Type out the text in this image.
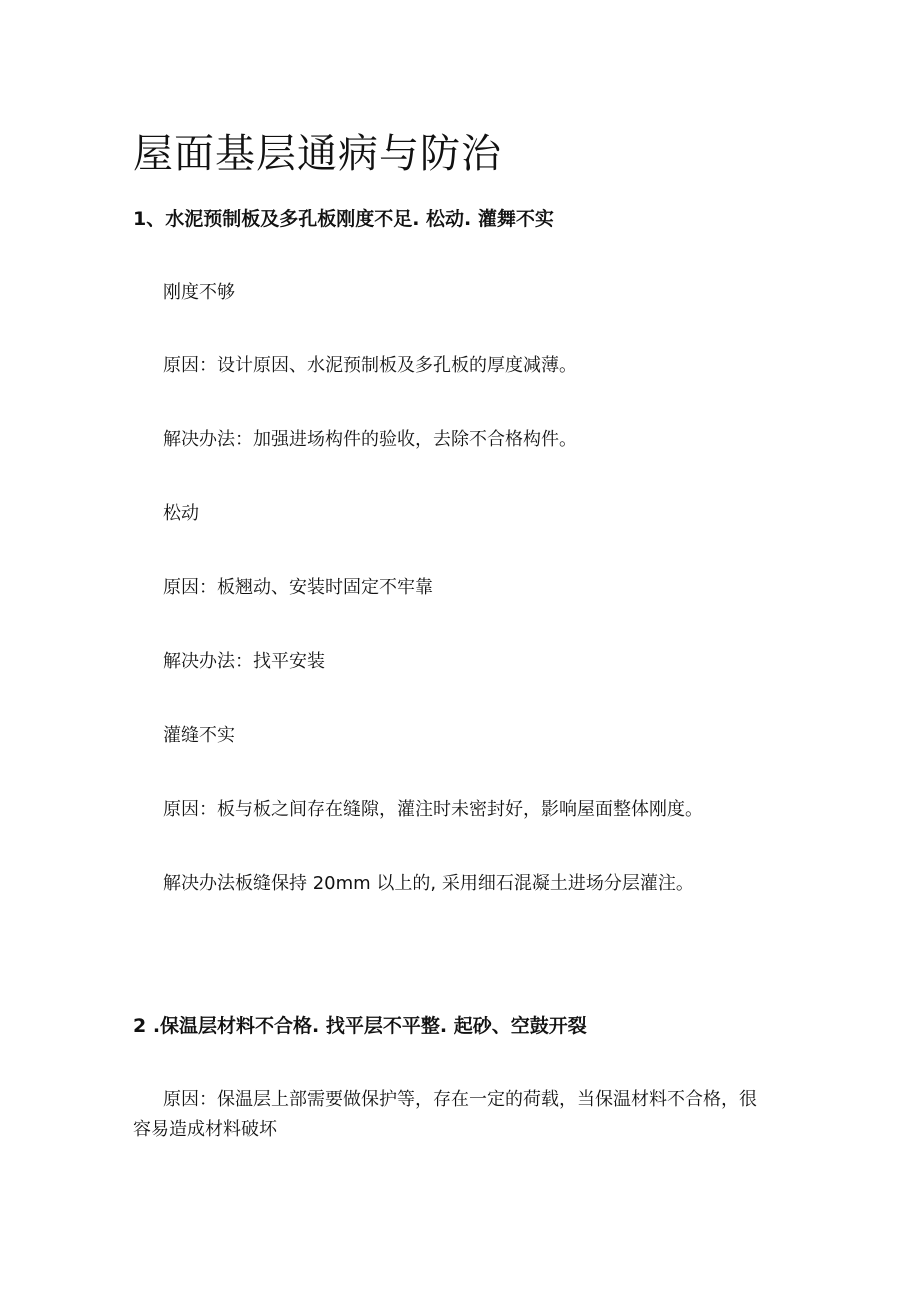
屋面基层通病与防治
1、水泥预制板及多孔板刚度不足. 松动. 灌舞不实

刚度不够

原因：设计原因、水泥预制板及多孔板的厚度减薄。

解决办法：加强进场构件的验收，去除不合格构件。

松动

原因：板翘动、安装时固定不牢靠

解决办法：找平安装

灌缝不实

原因：板与板之间存在缝隙，灌注时未密封好，影响屋面整体刚度。

解决办法板缝保持 20mm 以上的, 采用细石混凝土进场分层灌注。

2 .保温层材料不合格. 找平层不平整. 起砂、空鼓开裂

原因：保温层上部需要做保护等，存在一定的荷载，当保温材料不合格，很容易造成材料破坏
